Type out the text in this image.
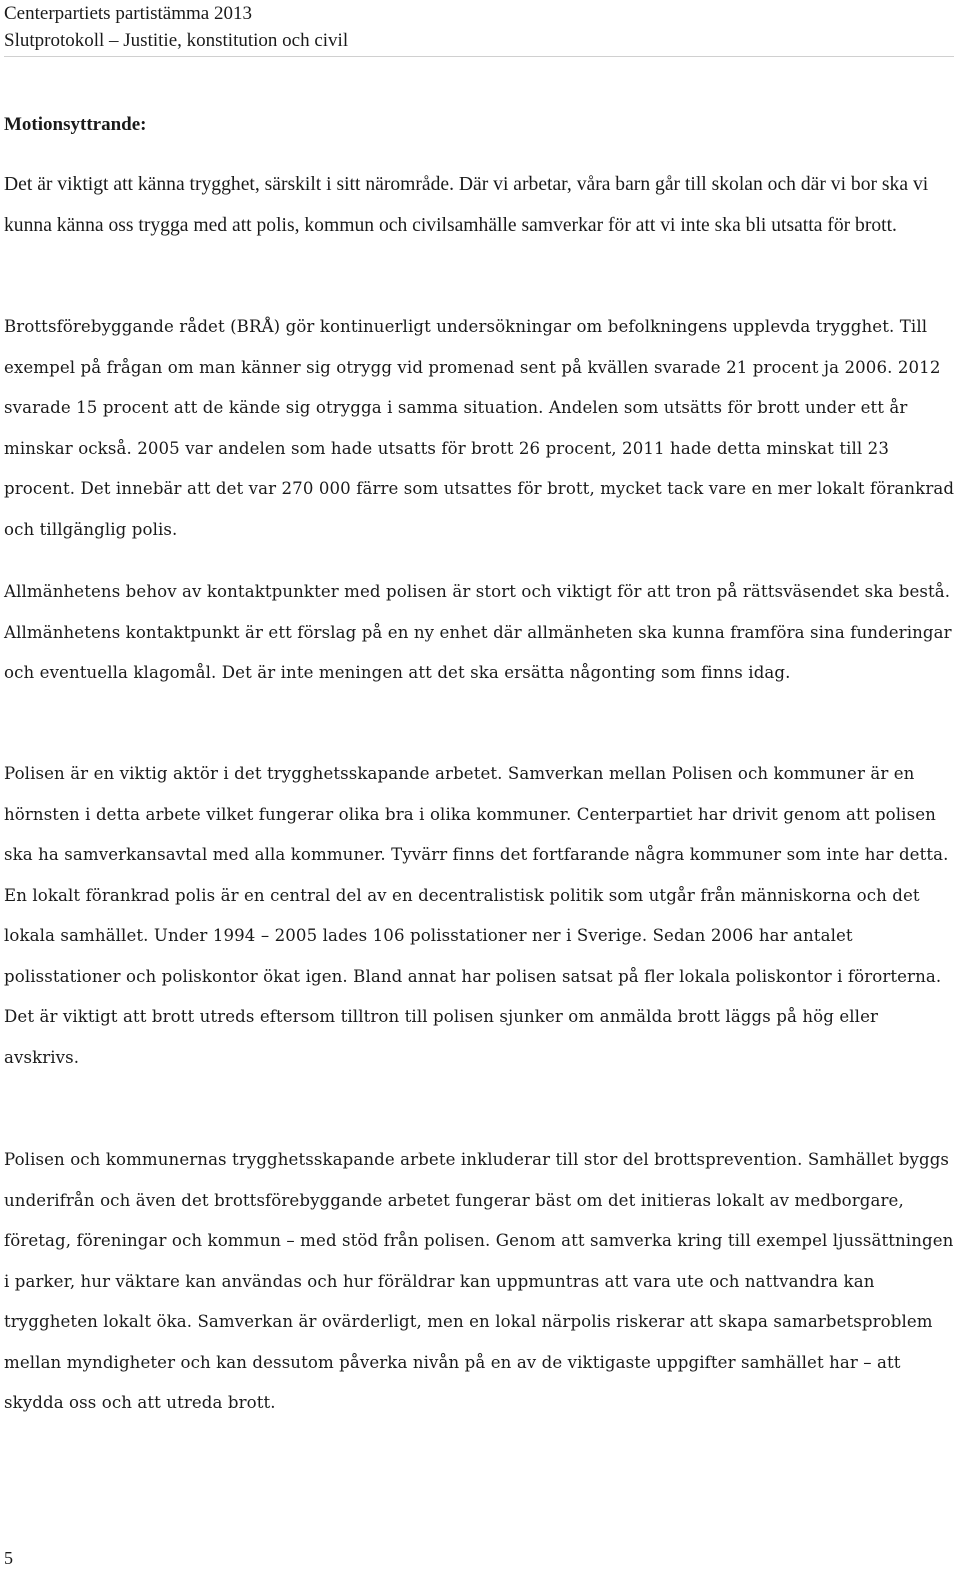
Centerpartiets partistämma 2013
Slutprotokoll – Justitie, konstitution och civil
Motionsyttrande:

Det är viktigt att känna trygghet, särskilt i sitt närområde. Där vi arbetar, våra barn går till skolan och där vi bor ska vi kunna känna oss trygga med att polis, kommun och civilsamhälle samverkar för att vi inte ska bli utsatta för brott.

Brottsförebyggande rådet (BRÅ) gör kontinuerligt undersökningar om befolkningens upplevda trygghet. Till exempel på frågan om man känner sig otrygg vid promenad sent på kvällen svarade 21 procent ja 2006. 2012 svarade 15 procent att de kände sig otrygga i samma situation. Andelen som utsätts för brott under ett år minskar också. 2005 var andelen som hade utsatts för brott 26 procent, 2011 hade detta minskat till 23 procent. Det innebär att det var 270 000 färre som utsattes för brott, mycket tack vare en mer lokalt förankrad och tillgänglig polis.

Allmänhetens behov av kontaktpunkter med polisen är stort och viktigt för att tron på rättsväsendet ska bestå. Allmänhetens kontaktpunkt är ett förslag på en ny enhet där allmänheten ska kunna framföra sina funderingar och eventuella klagomål. Det är inte meningen att det ska ersätta någonting som finns idag.

Polisen är en viktig aktör i det trygghetsskapande arbetet. Samverkan mellan Polisen och kommuner är en hörnsten i detta arbete vilket fungerar olika bra i olika kommuner. Centerpartiet har drivit genom att polisen ska ha samverkansavtal med alla kommuner. Tyvärr finns det fortfarande några kommuner som inte har detta. En lokalt förankrad polis är en central del av en decentralistisk politik som utgår från människorna och det lokala samhället. Under 1994 – 2005 lades 106 polisstationer ner i Sverige. Sedan 2006 har antalet polisstationer och poliskontor ökat igen. Bland annat har polisen satsat på fler lokala poliskontor i förorterna. Det är viktigt att brott utreds eftersom tilltron till polisen sjunker om anmälda brott läggs på hög eller avskrivs.

Polisen och kommunernas trygghetsskapande arbete inkluderar till stor del brottsprevention. Samhället byggs underifrån och även det brottsförebyggande arbetet fungerar bäst om det initieras lokalt av medborgare, företag, föreningar och kommun – med stöd från polisen. Genom att samverka kring till exempel ljussättningen i parker, hur väktare kan användas och hur föräldrar kan uppmuntras att vara ute och nattvandra kan tryggheten lokalt öka. Samverkan är ovärderligt, men en lokal närpolis riskerar att skapa samarbetsproblem mellan myndigheter och kan dessutom påverka nivån på en av de viktigaste uppgifter samhället har – att skydda oss och att utreda brott.

5
